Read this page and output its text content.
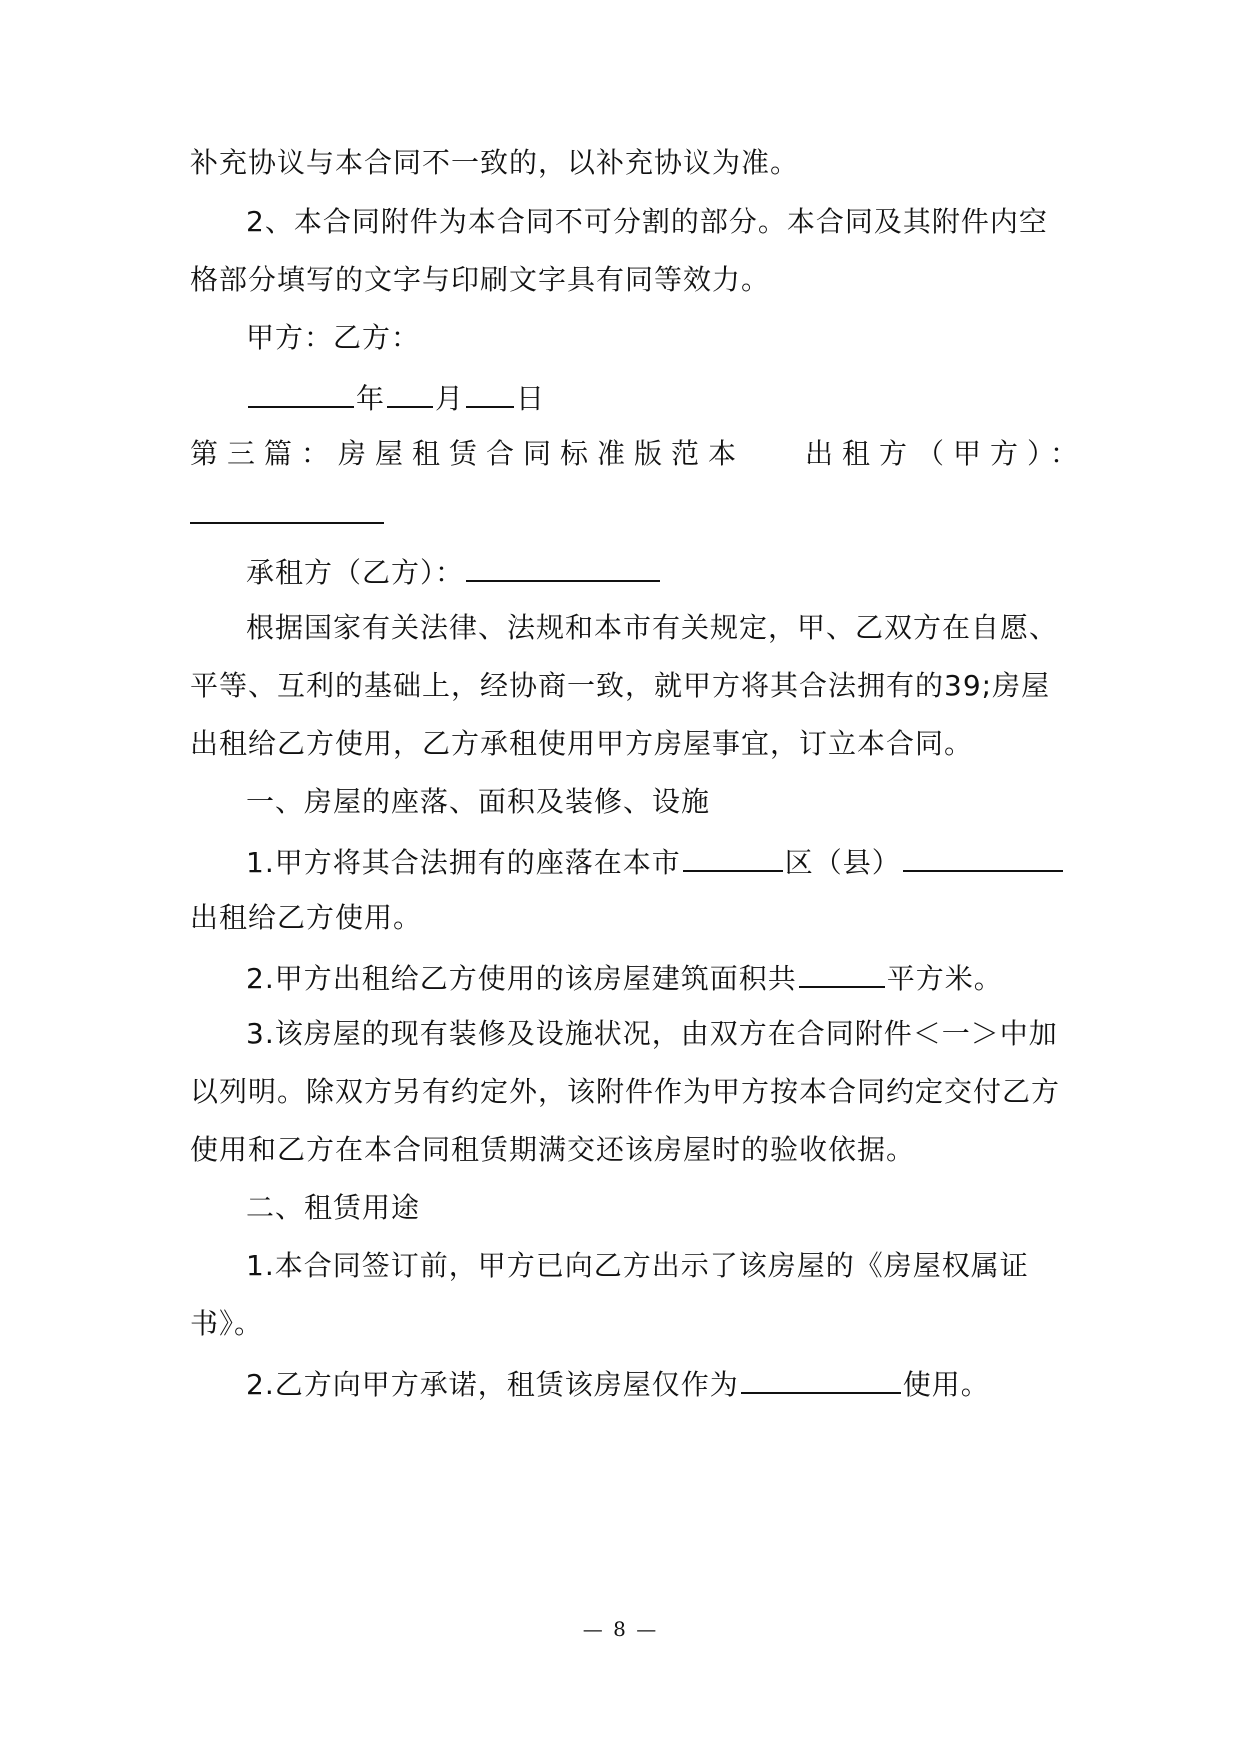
补充协议与本合同不一致的，以补充协议为准。
2、本合同附件为本合同不可分割的部分。本合同及其附件内空
格部分填写的文字与印刷文字具有同等效力。
甲方：乙方：
年 月 日
第三篇：房屋租赁合同标准版范本 出租方（甲方）：
承租方（乙方）：
根据国家有关法律、法规和本市有关规定，甲、乙双方在自愿、
平等、互利的基础上，经协商一致，就甲方将其合法拥有的39;房屋
出租给乙方使用，乙方承租使用甲方房屋事宜，订立本合同。
一、房屋的座落、面积及装修、设施
1.甲方将其合法拥有的座落在本市	区（县）
出租给乙方使用。
2.甲方出租给乙方使用的该房屋建筑面积共	平方米。
3.该房屋的现有装修及设施状况，由双方在合同附件＜一＞中加
以列明。除双方另有约定外，该附件作为甲方按本合同约定交付乙方
使用和乙方在本合同租赁期满交还该房屋时的验收依据。
二、租赁用途
1.本合同签订前，甲方已向乙方出示了该房屋的《房屋权属证
书》。
2.乙方向甲方承诺，租赁该房屋仅作为	使用。
— 8 —
